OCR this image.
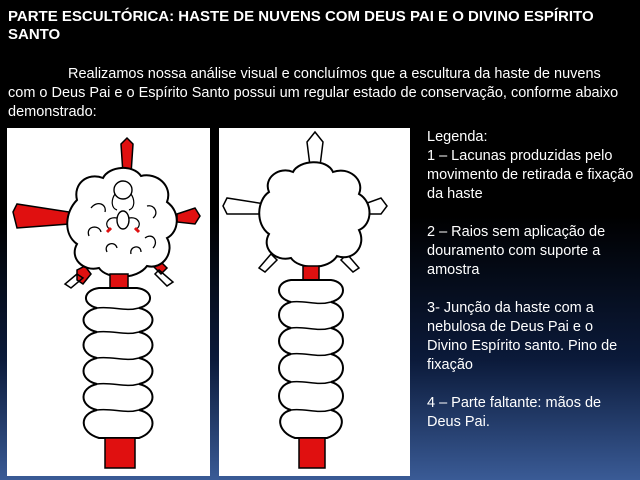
PARTE ESCULTÓRICA: HASTE DE NUVENS COM DEUS PAI E O DIVINO ESPÍRITO SANTO
Realizamos nossa análise visual e concluímos que a escultura da haste de nuvens com o Deus Pai e o Espírito Santo possui um regular estado de conservação, conforme abaixo demonstrado:

Legenda:

1 – Lacunas produzidas pelo movimento de retirada e fixação da haste

2 – Raios sem aplicação de douramento com suporte a amostra

3- Junção da haste com a nebulosa de Deus Pai e o Divino Espírito santo. Pino de fixação

4 – Parte faltante: mãos de Deus Pai.
